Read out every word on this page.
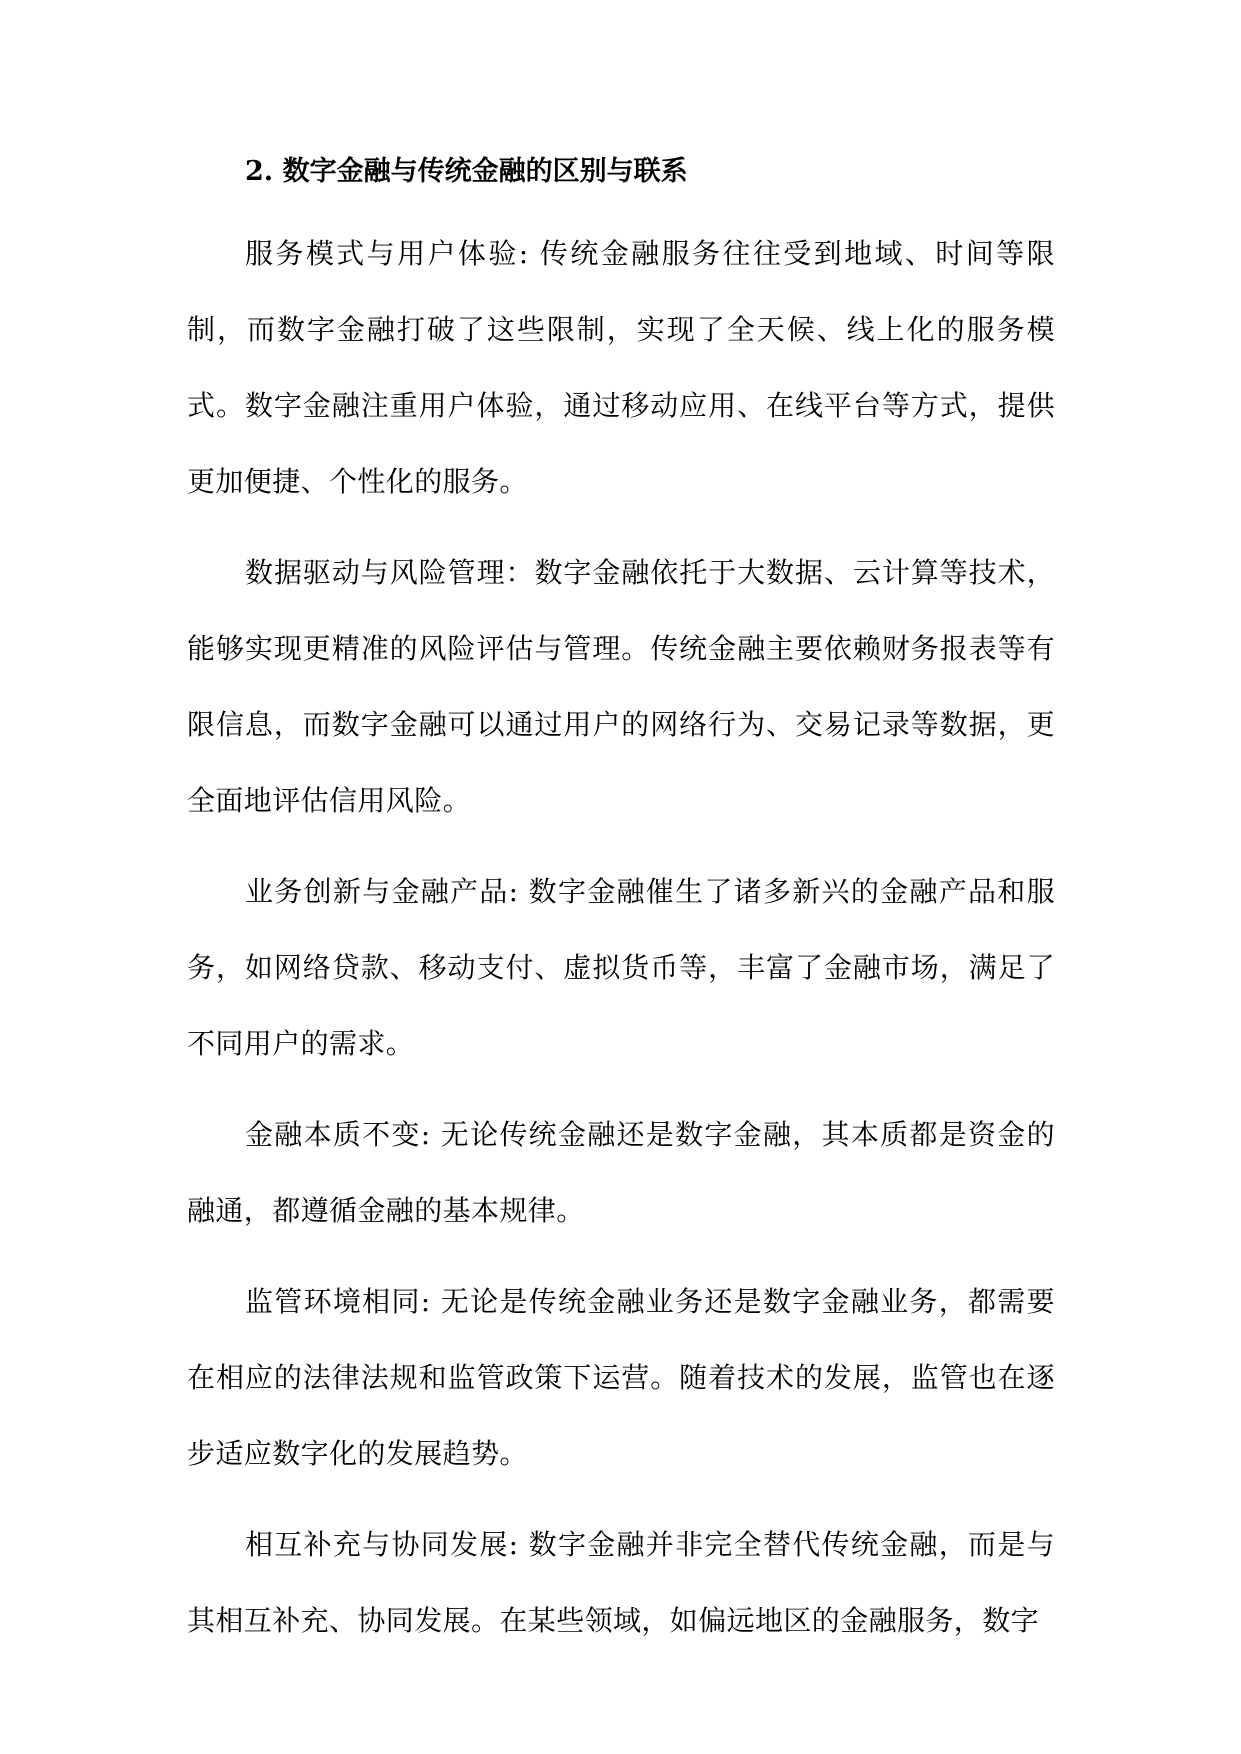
2. 数字金融与传统金融的区别与联系

服务模式与用户体验: 传统金融服务往往受到地域、时间等限制，而数字金融打破了这些限制，实现了全天候、线上化的服务模式。数字金融注重用户体验，通过移动应用、在线平台等方式，提供更加便捷、个性化的服务。

数据驱动与风险管理：数字金融依托于大数据、云计算等技术，能够实现更精准的风险评估与管理。传统金融主要依赖财务报表等有限信息，而数字金融可以通过用户的网络行为、交易记录等数据，更全面地评估信用风险。

业务创新与金融产品: 数字金融催生了诸多新兴的金融产品和服务，如网络贷款、移动支付、虚拟货币等，丰富了金融市场，满足了不同用户的需求。

金融本质不变: 无论传统金融还是数字金融，其本质都是资金的融通，都遵循金融的基本规律。

监管环境相同: 无论是传统金融业务还是数字金融业务，都需要在相应的法律法规和监管政策下运营。随着技术的发展，监管也在逐步适应数字化的发展趋势。

相互补充与协同发展: 数字金融并非完全替代传统金融，而是与其相互补充、协同发展。在某些领域，如偏远地区的金融服务，数字
